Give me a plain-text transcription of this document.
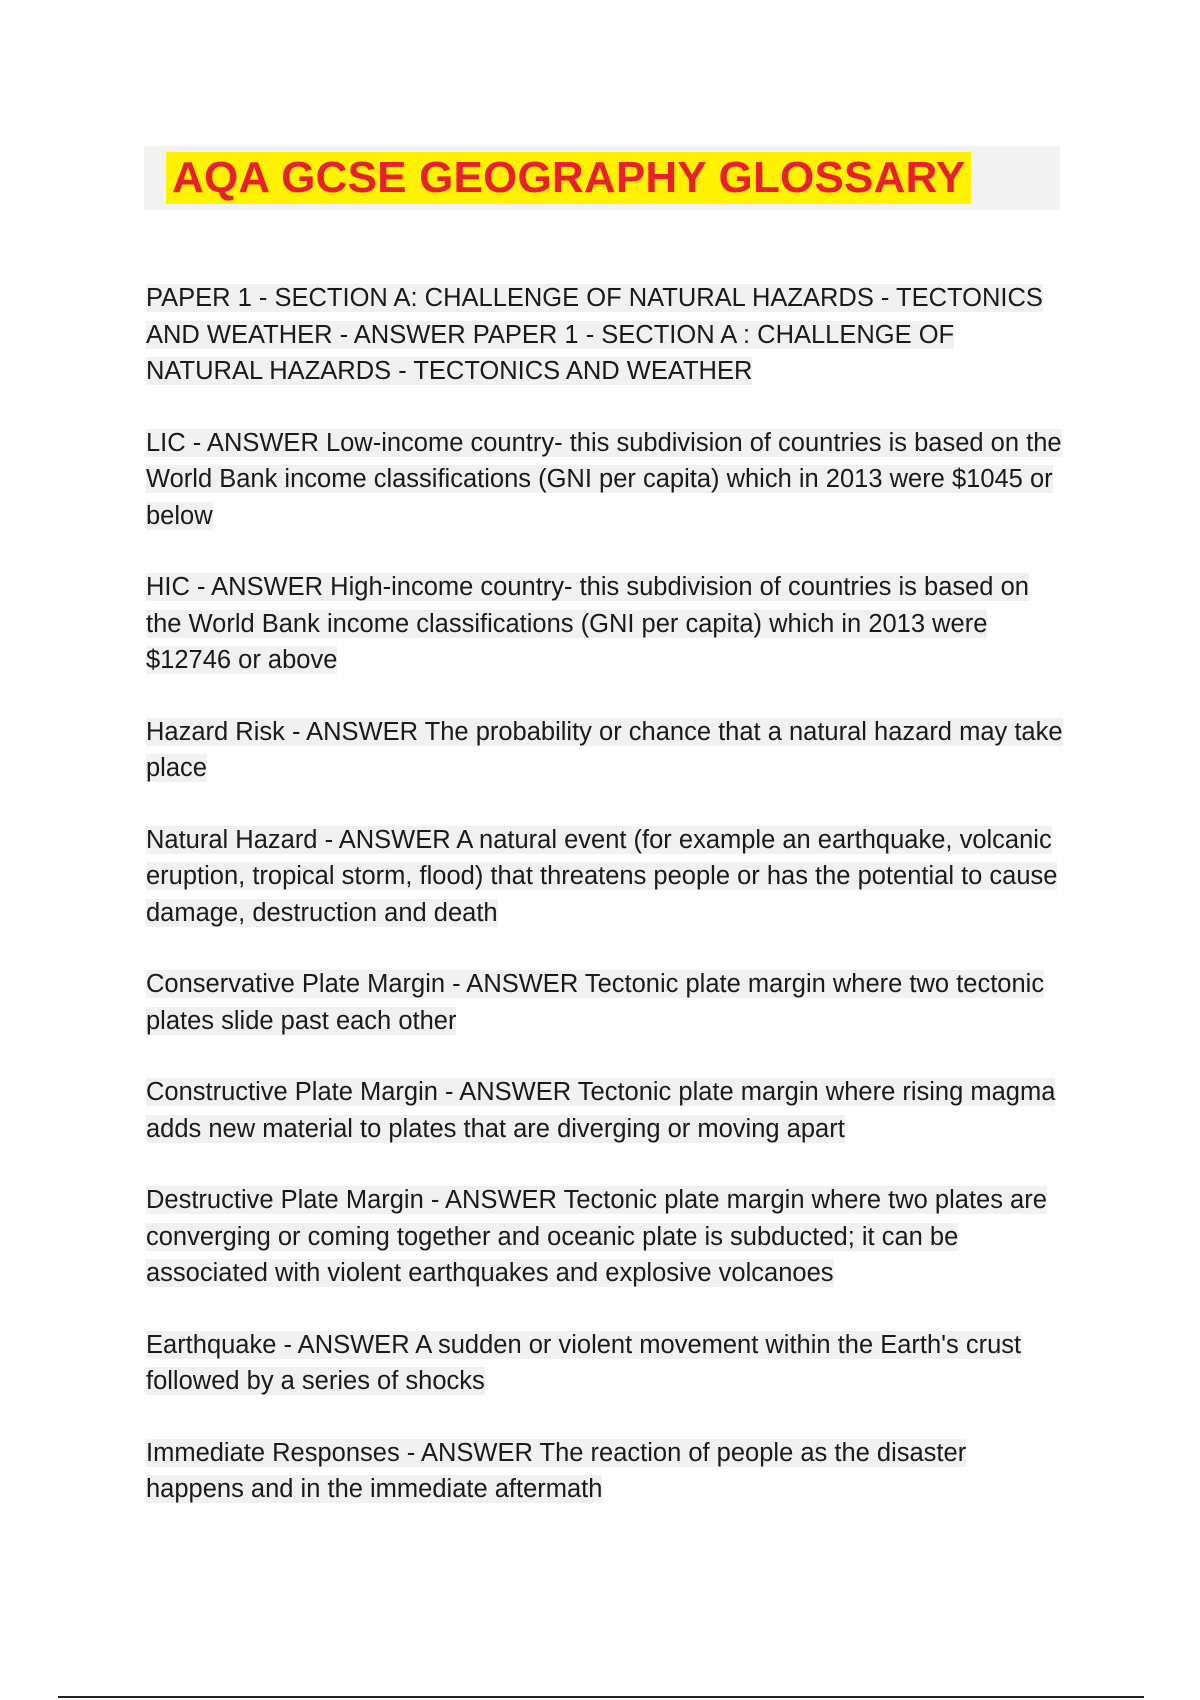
AQA GCSE GEOGRAPHY GLOSSARY
PAPER 1 - SECTION A: CHALLENGE OF NATURAL HAZARDS - TECTONICS AND WEATHER - ANSWER PAPER 1 - SECTION A : CHALLENGE OF NATURAL HAZARDS - TECTONICS AND WEATHER
LIC - ANSWER Low-income country- this subdivision of countries is based on the World Bank income classifications (GNI per capita) which in 2013 were $1045 or below
HIC - ANSWER High-income country- this subdivision of countries is based on the World Bank income classifications (GNI per capita) which in 2013 were $12746 or above
Hazard Risk - ANSWER The probability or chance that a natural hazard may take place
Natural Hazard - ANSWER A natural event (for example an earthquake, volcanic eruption, tropical storm, flood) that threatens people or has the potential to cause damage, destruction and death
Conservative Plate Margin - ANSWER Tectonic plate margin where two tectonic plates slide past each other
Constructive Plate Margin - ANSWER Tectonic plate margin where rising magma adds new material to plates that are diverging or moving apart
Destructive Plate Margin - ANSWER Tectonic plate margin where two plates are converging or coming together and oceanic plate is subducted; it can be associated with violent earthquakes and explosive volcanoes
Earthquake - ANSWER A sudden or violent movement within the Earth's crust followed by a series of shocks
Immediate Responses - ANSWER The reaction of people as the disaster happens and in the immediate aftermath
